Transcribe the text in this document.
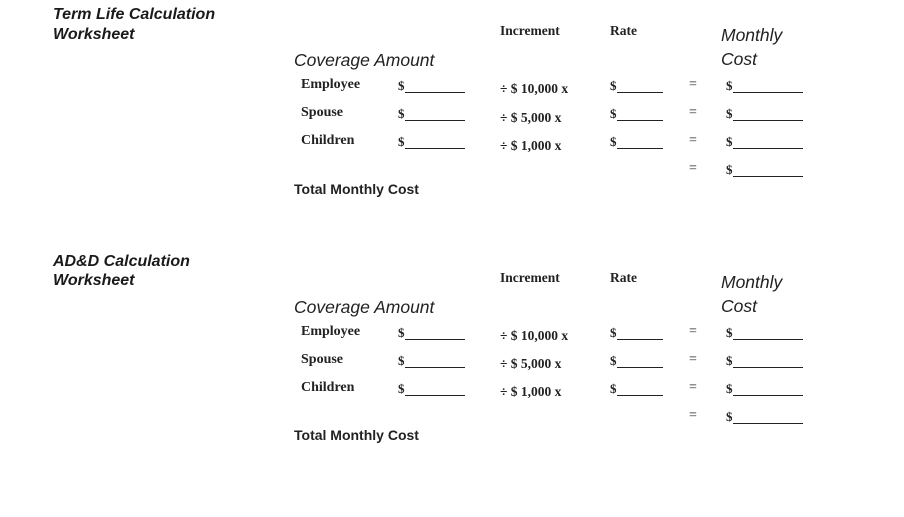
Term Life Calculation
Worksheet	Increment	Rate	Monthly
Cost
Coverage Amount
Employee	$	÷ $ 10,000 x	$	= $
Spouse	$	÷ $ 5,000 x	$	= $
Children	$	÷ $ 1,000 x	$	= $
= $
Total Monthly Cost
AD&D Calculation
Worksheet	Increment	Rate	Monthly
Cost
Coverage Amount
Employee	$	÷ $ 10,000 x	$	= $
Spouse	$	÷ $ 5,000 x	$	= $
Children	$	÷ $ 1,000 x	$	= $
= $
Total Monthly Cost
